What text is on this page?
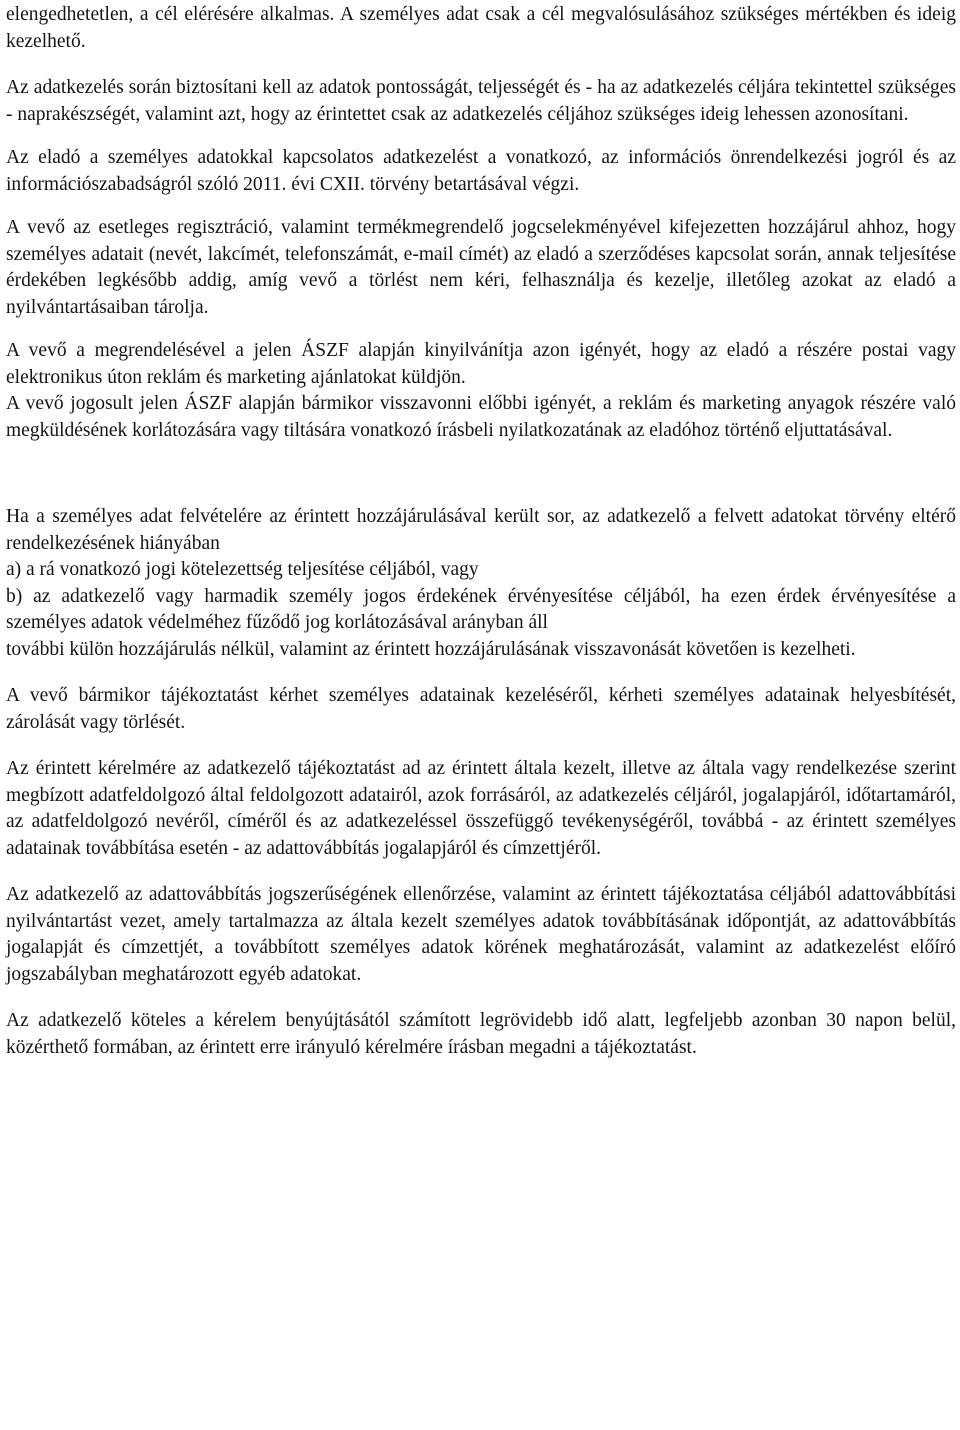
elengedhetetlen, a cél elérésére alkalmas. A személyes adat csak a cél megvalósulásához szükséges mértékben és ideig kezelhető.

Az adatkezelés során biztosítani kell az adatok pontosságát, teljességét és - ha az adatkezelés céljára tekintettel szükséges - naprakészségét, valamint azt, hogy az érintettet csak az adatkezelés céljához szükséges ideig lehessen azonosítani.

Az eladó a személyes adatokkal kapcsolatos adatkezelést a vonatkozó, az információs önrendelkezési jogról és az információszabadságról szóló 2011. évi CXII. törvény betartásával végzi.

A vevő az esetleges regisztráció, valamint termékmegrendelő jogcselekményével kifejezetten hozzájárul ahhoz, hogy személyes adatait (nevét, lakcímét, telefonszámát, e-mail címét) az eladó a szerződéses kapcsolat során, annak teljesítése érdekében legkésőbb addig, amíg vevő a törlést nem kéri, felhasználja és kezelje, illetőleg azokat az eladó a nyilvántartásaiban tárolja.

A vevő a megrendelésével a jelen ÁSZF alapján kinyilvánítja azon igényét, hogy az eladó a részére postai vagy elektronikus úton reklám és marketing ajánlatokat küldjön.

A vevő jogosult jelen ÁSZF alapján bármikor visszavonni előbbi igényét, a reklám és marketing anyagok részére való megküldésének korlátozására vagy tiltására vonatkozó írásbeli nyilatkozatának az eladóhoz történő eljuttatásával.

Ha a személyes adat felvételére az érintett hozzájárulásával került sor, az adatkezelő a felvett adatokat törvény eltérő rendelkezésének hiányában

a) a rá vonatkozó jogi kötelezettség teljesítése céljából, vagy

b) az adatkezelő vagy harmadik személy jogos érdekének érvényesítése céljából, ha ezen érdek érvényesítése a személyes adatok védelméhez fűződő jog korlátozásával arányban áll

további külön hozzájárulás nélkül, valamint az érintett hozzájárulásának visszavonását követően is kezelheti.

A vevő bármikor tájékoztatást kérhet személyes adatainak kezeléséről, kérheti személyes adatainak helyesbítését, zárolását vagy törlését.

Az érintett kérelmére az adatkezelő tájékoztatást ad az érintett általa kezelt, illetve az általa vagy rendelkezése szerint megbízott adatfeldolgozó által feldolgozott adatairól, azok forrásáról, az adatkezelés céljáról, jogalapjáról, időtartamáról, az adatfeldolgozó nevéről, címéről és az adatkezeléssel összefüggő tevékenységéről, továbbá - az érintett személyes adatainak továbbítása esetén - az adattovábbítás jogalapjáról és címzettjéről.

Az adatkezelő az adattovábbítás jogszerűségének ellenőrzése, valamint az érintett tájékoztatása céljából adattovábbítási nyilvántartást vezet, amely tartalmazza az általa kezelt személyes adatok továbbításának időpontját, az adattovábbítás jogalapját és címzettjét, a továbbított személyes adatok körének meghatározását, valamint az adatkezelést előíró jogszabályban meghatározott egyéb adatokat.

Az adatkezelő köteles a kérelem benyújtásától számított legrövidebb idő alatt, legfeljebb azonban 30 napon belül, közérthető formában, az érintett erre irányuló kérelmére írásban megadni a tájékoztatást.
